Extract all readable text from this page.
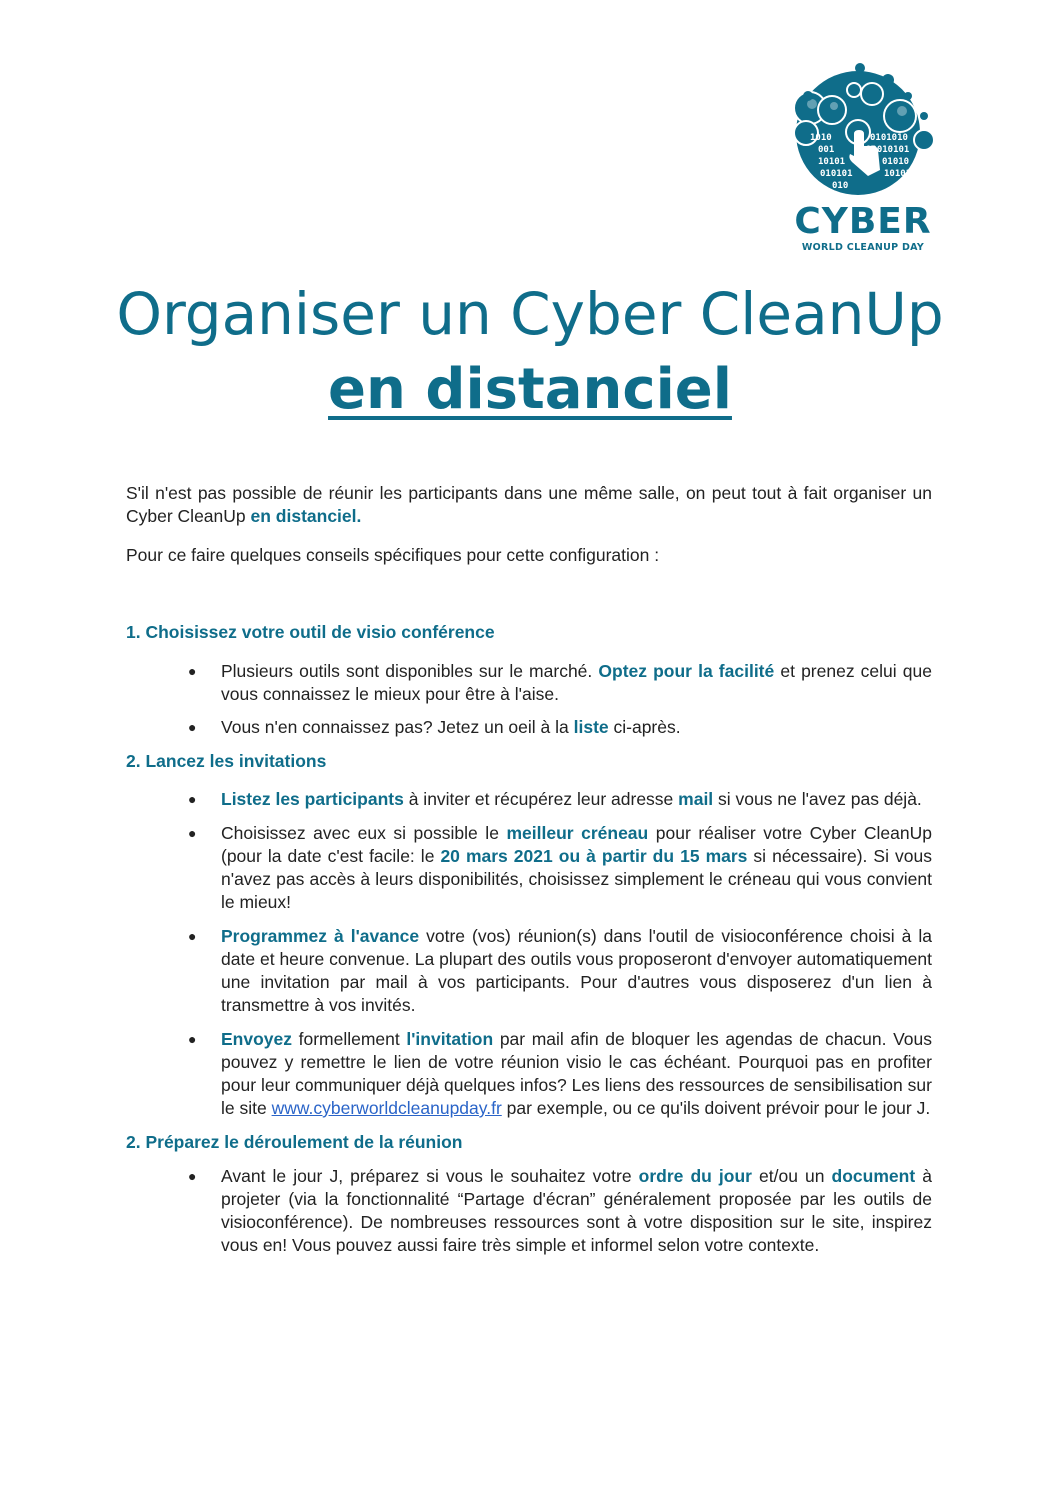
1010	0101010
001	10010101
10101	01010
010101	10101
010
CYBER
WORLD CLEANUP DAY
Organiser un Cyber CleanUp
en distanciel

S'il n'est pas possible de réunir les participants dans une même salle, on peut tout à fait organiser un Cyber CleanUp en distanciel.

Pour ce faire quelques conseils spécifiques pour cette configuration :

1. Choisissez votre outil de visio conférence
● Plusieurs outils sont disponibles sur le marché. Optez pour la facilité et prenez celui que vous connaissez le mieux pour être à l'aise.
● Vous n'en connaissez pas? Jetez un oeil à la liste ci-après.
2. Lancez les invitations
● Listez les participants à inviter et récupérez leur adresse mail si vous ne l'avez pas déjà.
● Choisissez avec eux si possible le meilleur créneau pour réaliser votre Cyber CleanUp (pour la date c'est facile: le 20 mars 2021 ou à partir du 15 mars si nécessaire). Si vous n'avez pas accès à leurs disponibilités, choisissez simplement le créneau qui vous convient le mieux!
● Programmez à l'avance votre (vos) réunion(s) dans l'outil de visioconférence choisi à la date et heure convenue. La plupart des outils vous proposeront d'envoyer automatiquement une invitation par mail à vos participants. Pour d'autres vous disposerez d'un lien à transmettre à vos invités.
● Envoyez formellement l'invitation par mail afin de bloquer les agendas de chacun. Vous pouvez y remettre le lien de votre réunion visio le cas échéant. Pourquoi pas en profiter pour leur communiquer déjà quelques infos? Les liens des ressources de sensibilisation sur le site www.cyberworldcleanupday.fr par exemple, ou ce qu'ils doivent prévoir pour le jour J.
2. Préparez le déroulement de la réunion
● Avant le jour J, préparez si vous le souhaitez votre ordre du jour et/ou un document à projeter (via la fonctionnalité “Partage d'écran” généralement proposée par les outils de visioconférence). De nombreuses ressources sont à votre disposition sur le site, inspirez vous en! Vous pouvez aussi faire très simple et informel selon votre contexte.
